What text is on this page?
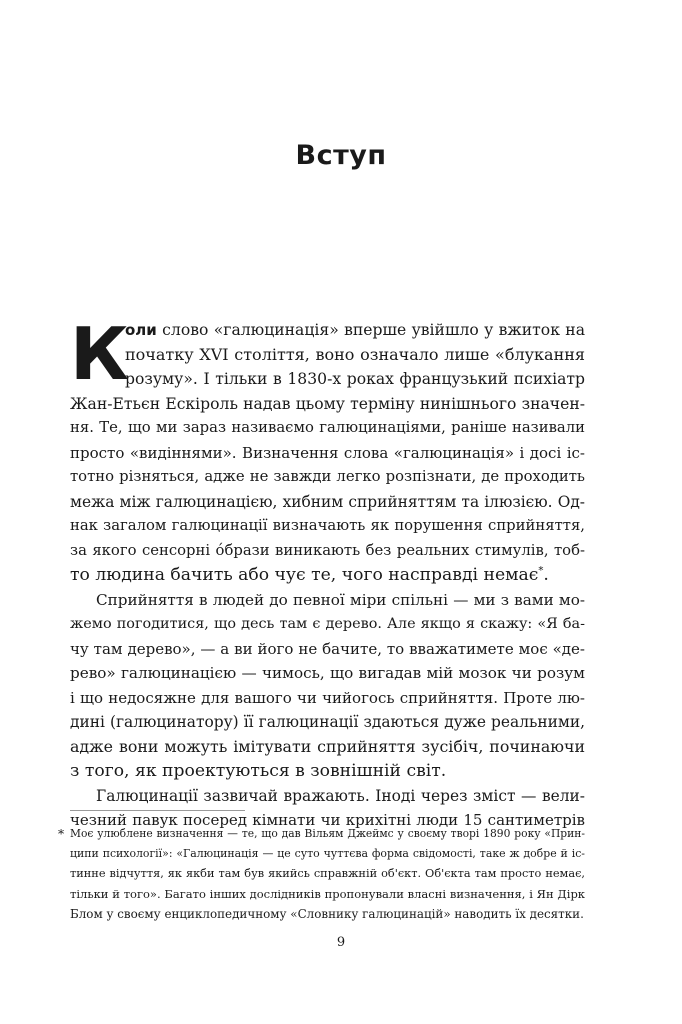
Вступ
К
оли слово «галюцинація» вперше увійшло у вжиток на
початку XVI століття, воно означало лише «блукання
розуму». І тільки в 1830-х роках французький психіатр
Жан-Етьєн Ескіроль надав цьому терміну нинішнього значен-
ня. Те, що ми зараз називаємо галюцинаціями, раніше називали
просто «видіннями». Визначення слова «галюцинація» і досі іс-
тотно різняться, адже не завжди легко розпізнати, де проходить
межа між галюцинацією, хибним сприйняттям та ілюзією. Од-
нак загалом галюцинації визначають як порушення сприйняття,
за якого сенсорні óбрази виникають без реальних стимулів, тоб-
то людина бачить або чує те, чого насправді немає*.
Сприйняття в людей до певної міри спільні — ми з вами мо-
жемо погодитися, що десь там є дерево. Але якщо я скажу: «Я ба-
чу там дерево», — а ви його не бачите, то вважатимете моє «де-
рево» галюцинацією — чимось, що вигадав мій мозок чи розум
і що недосяжне для вашого чи чийогось сприйняття. Проте лю-
дині (галюцинатору) її галюцинації здаються дуже реальними,
адже вони можуть імітувати сприйняття зусібіч, починаючи
з того, як проектуються в зовнішній світ.
Галюцинації зазвичай вражають. Іноді через зміст — вели-
чезний павук посеред кімнати чи крихітні люди 15 сантиметрів
* Моє улюблене визначення — те, що дав Вільям Джеймс у своєму творі 1890 року «Прин-
ципи психології»: «Галюцинація — це суто чуттєва форма свідомості, таке ж добре й іс-
тинне відчуття, як якби там був якийсь справжній об'єкт. Об'єкта там просто немає,
тільки й того». Багато інших дослідників пропонували власні визначення, і Ян Дірк
Блом у своєму енциклопедичному «Словнику галюцинацій» наводить їх десятки.
9
